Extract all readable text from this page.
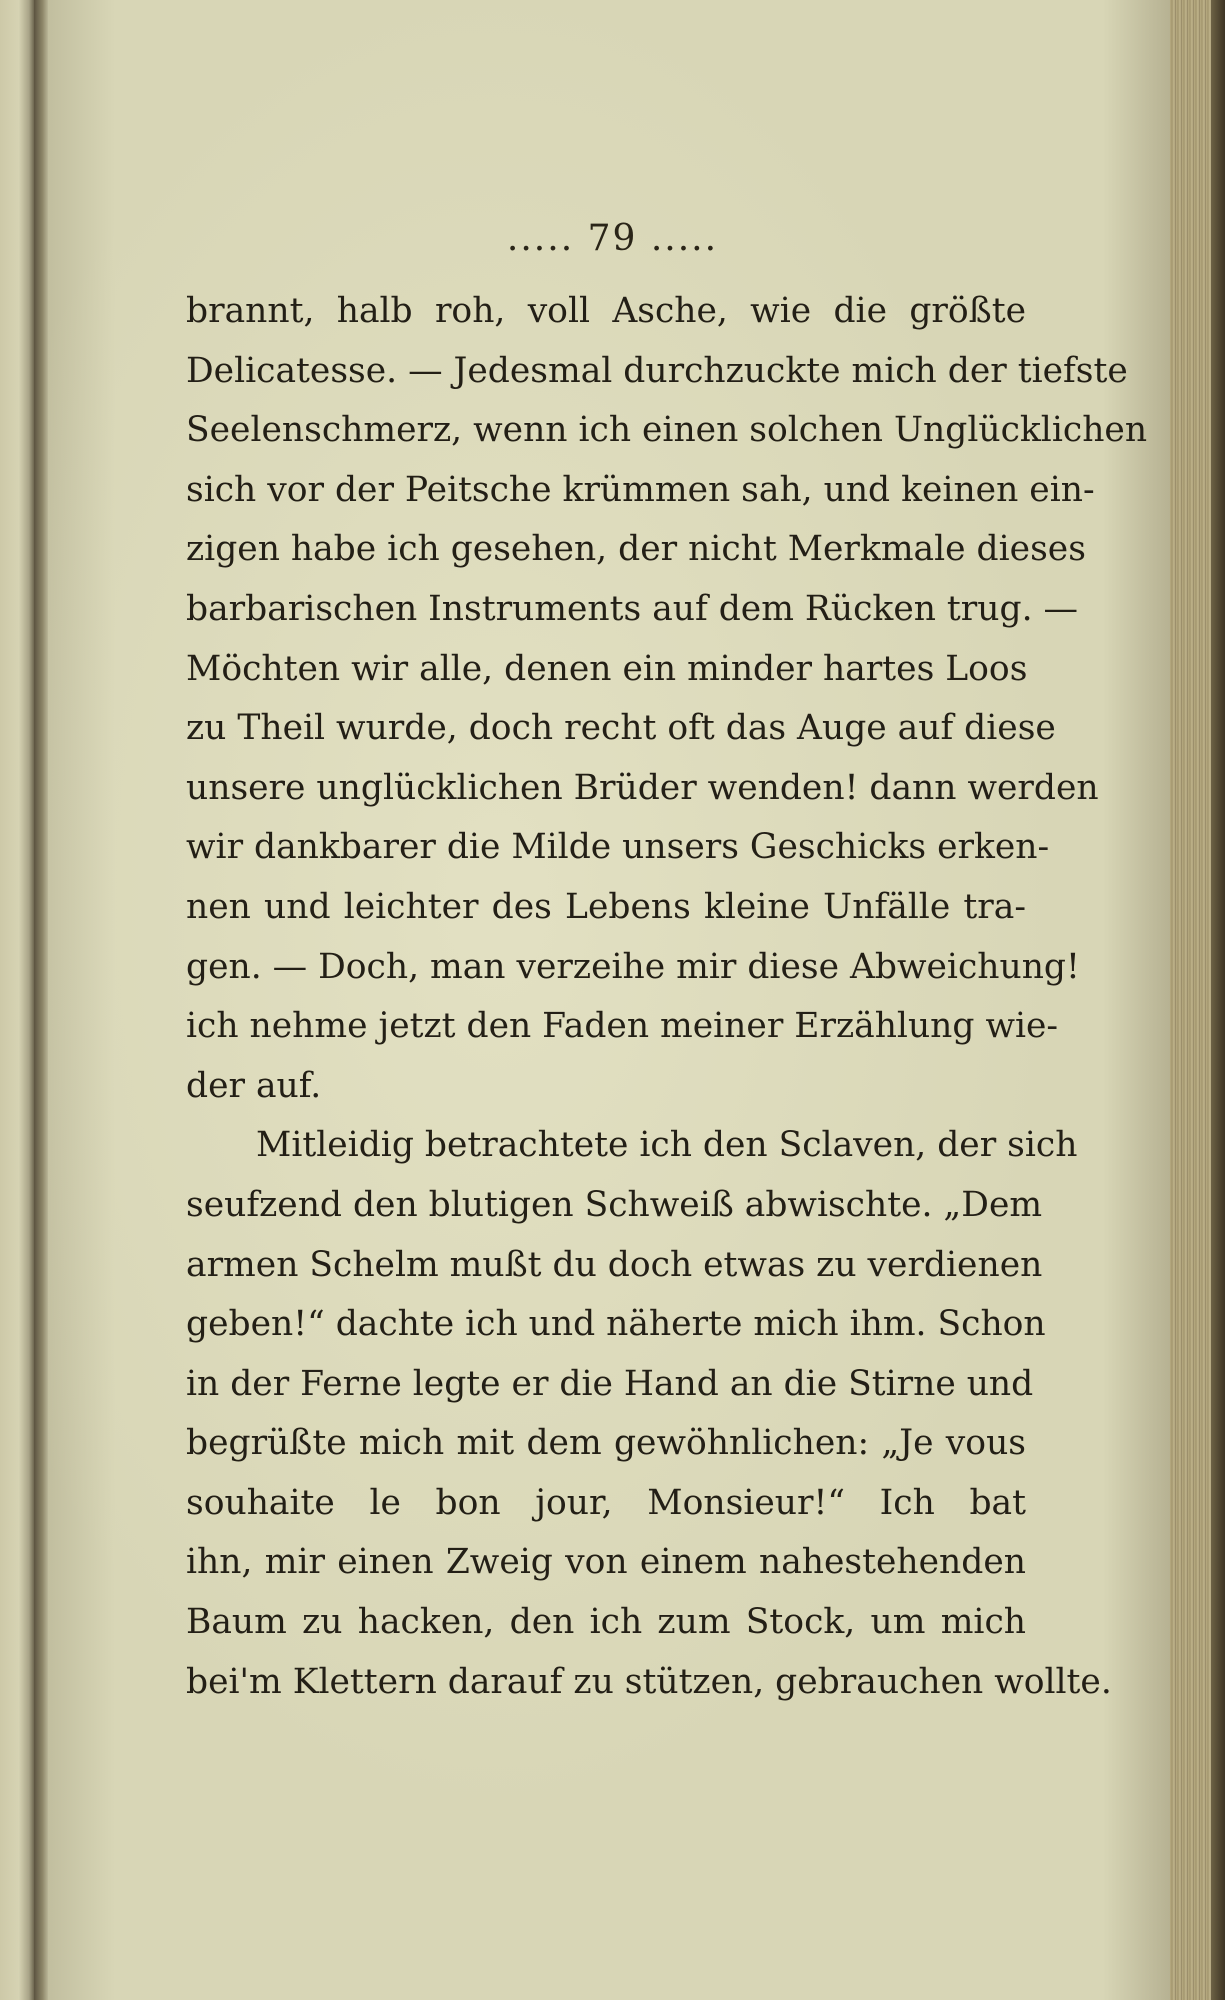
..... 79 .....
brannt, halb roh, voll Asche, wie die größte
Delicatesse. — Jedesmal durchzuckte mich der tiefste
Seelenschmerz, wenn ich einen solchen Unglücklichen
sich vor der Peitsche krümmen sah, und keinen ein-
zigen habe ich gesehen, der nicht Merkmale dieses
barbarischen Instruments auf dem Rücken trug. —
Möchten wir alle, denen ein minder hartes Loos
zu Theil wurde, doch recht oft das Auge auf diese
unsere unglücklichen Brüder wenden! dann werden
wir dankbarer die Milde unsers Geschicks erken-
nen und leichter des Lebens kleine Unfälle tra-
gen. — Doch, man verzeihe mir diese Abweichung!
ich nehme jetzt den Faden meiner Erzählung wie-
der auf.
Mitleidig betrachtete ich den Sclaven, der sich
seufzend den blutigen Schweiß abwischte. „Dem
armen Schelm mußt du doch etwas zu verdienen
geben!“ dachte ich und näherte mich ihm. Schon
in der Ferne legte er die Hand an die Stirne und
begrüßte mich mit dem gewöhnlichen: „Je vous
souhaite le bon jour, Monsieur!“ Ich bat
ihn, mir einen Zweig von einem nahestehenden
Baum zu hacken, den ich zum Stock, um mich
bei'm Klettern darauf zu stützen, gebrauchen wollte.
